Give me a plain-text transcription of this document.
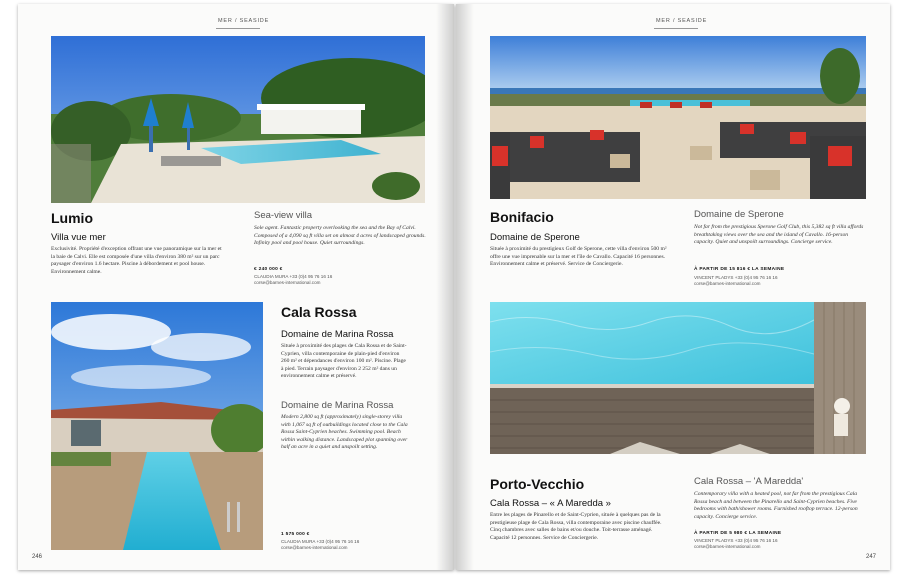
MER / SEASIDE
Lumio
Villa vue mer
Exclusivité. Propriété d'exception offrant une vue panoramique sur la mer et la baie de Calvi. Elle est composée d'une villa d'environ 380 m² sur un parc paysager d'environ 1.6 hectare. Piscine à débordement et pool house. Environnement calme.
Sea-view villa
Sole agent. Fantastic property overlooking the sea and the Bay of Calvi. Composed of a 4,090 sq ft villa set on almost 4 acres of landscaped grounds. Infinity pool and pool house. Quiet surroundings.
€ 240 000 €
CLAUDIA MURA +33 (0)4 95 76 16 16
corse@barnes-international.com
Cala Rossa
Domaine de Marina Rossa
Située à proximité des plages de Cala Rossa et de Saint-Cyprien, villa contemporaine de plain-pied d'environ 260 m² et dépendances d'environ 100 m². Piscine. Plage à pied. Terrain paysager d'environ 2 252 m² dans un environnement calme et préservé.
Domaine de Marina Rossa
Modern 2,800 sq ft (approximately) single-storey villa with 1,067 sq ft of outbuildings located close to the Cala Rossa Saint-Cyprien beaches. Swimming pool. Beach within walking distance. Landscaped plot spanning over half an acre in a quiet and unspoilt setting.
1 575 000 €
CLAUDIA MURA +33 (0)4 95 76 16 16
corse@barnes-international.com
246
MER / SEASIDE
Bonifacio
Domaine de Sperone
Située à proximité du prestigieux Golf de Sperone, cette villa d'environ 500 m² offre une vue imprenable sur la mer et l'île de Cavallo. Capacité 16 personnes. Environnement calme et préservé. Service de Conciergerie.
Domaine de Sperone
Not far from the prestigious Sperone Golf Club, this 5,382 sq ft villa affords breathtaking views over the sea and the island of Cavallo. 16-person capacity. Quiet and unspoilt surroundings. Concierge service.
À PARTIR DE 15 816 € LA SEMAINE
VINCENT PLADYS +33 (0)4 95 76 16 16
corse@barnes-international.com
Porto-Vecchio
Cala Rossa – « A Maredda »
Entre les plages de Pinarello et de Saint-Cyprien, située à quelques pas de la prestigieuse plage de Cala Rossa, villa contemporaine avec piscine chauffée. Cinq chambres avec salles de bains et/ou douche. Toit-terrasse aménagé. Capacité 12 personnes. Service de Conciergerie.
Cala Rossa – 'A Maredda'
Contemporary villa with a heated pool, not far from the prestigious Cala Rossa beach and between the Pinarello and Saint-Cyprien beaches. Five bedrooms with bath/shower rooms. Furnished rooftop terrace. 12-person capacity. Concierge service.
À PARTIR DE 5 980 € LA SEMAINE
VINCENT PLADYS +33 (0)4 95 76 16 16
corse@barnes-international.com
247
